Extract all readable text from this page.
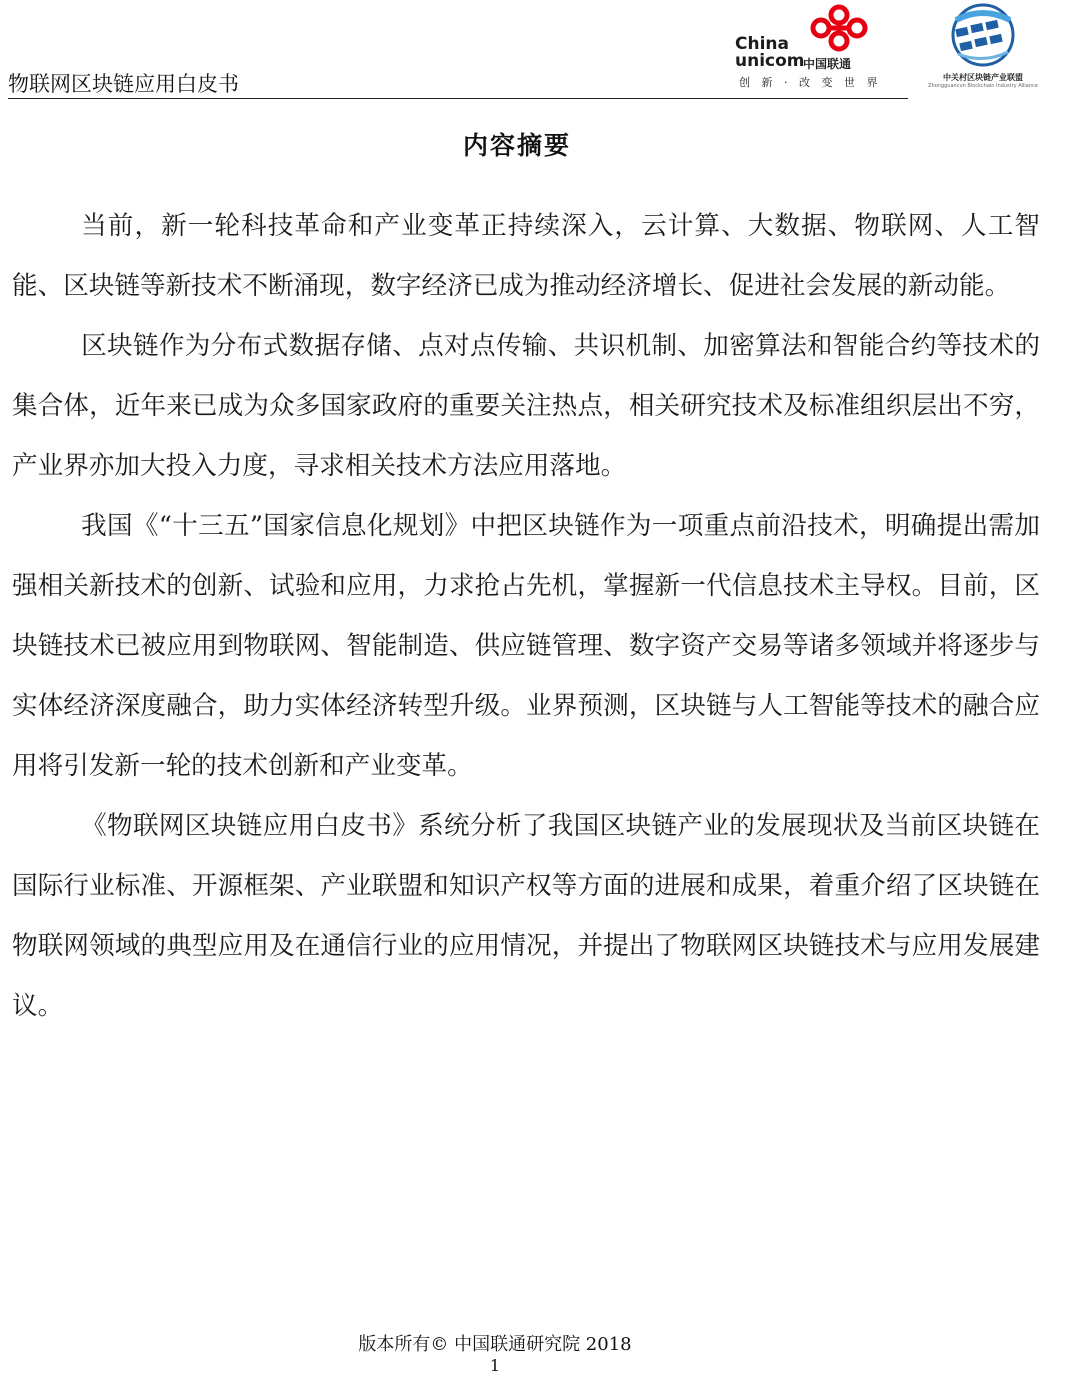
物联网区块链应用白皮书
China
unicom
中国联通
创 新 · 改 变 世 界	中关村区块链产业联盟
Zhongguancun Blockchain Industry Alliance
内容摘要

当前，新一轮科技革命和产业变革正持续深入，云计算、大数据、物联网、人工智能、区块链等新技术不断涌现，数字经济已成为推动经济增长、促进社会发展的新动能。

区块链作为分布式数据存储、点对点传输、共识机制、加密算法和智能合约等技术的集合体，近年来已成为众多国家政府的重要关注热点，相关研究技术及标准组织层出不穷，产业界亦加大投入力度，寻求相关技术方法应用落地。

我国《“十三五”国家信息化规划》中把区块链作为一项重点前沿技术，明确提出需加强相关新技术的创新、试验和应用，力求抢占先机，掌握新一代信息技术主导权。目前，区块链技术已被应用到物联网、智能制造、供应链管理、数字资产交易等诸多领域并将逐步与实体经济深度融合，助力实体经济转型升级。业界预测，区块链与人工智能等技术的融合应用将引发新一轮的技术创新和产业变革。

《物联网区块链应用白皮书》系统分析了我国区块链产业的发展现状及当前区块链在国际行业标准、开源框架、产业联盟和知识产权等方面的进展和成果，着重介绍了区块链在物联网领域的典型应用及在通信行业的应用情况，并提出了物联网区块链技术与应用发展建议。

版本所有© 中国联通研究院 2018
1
